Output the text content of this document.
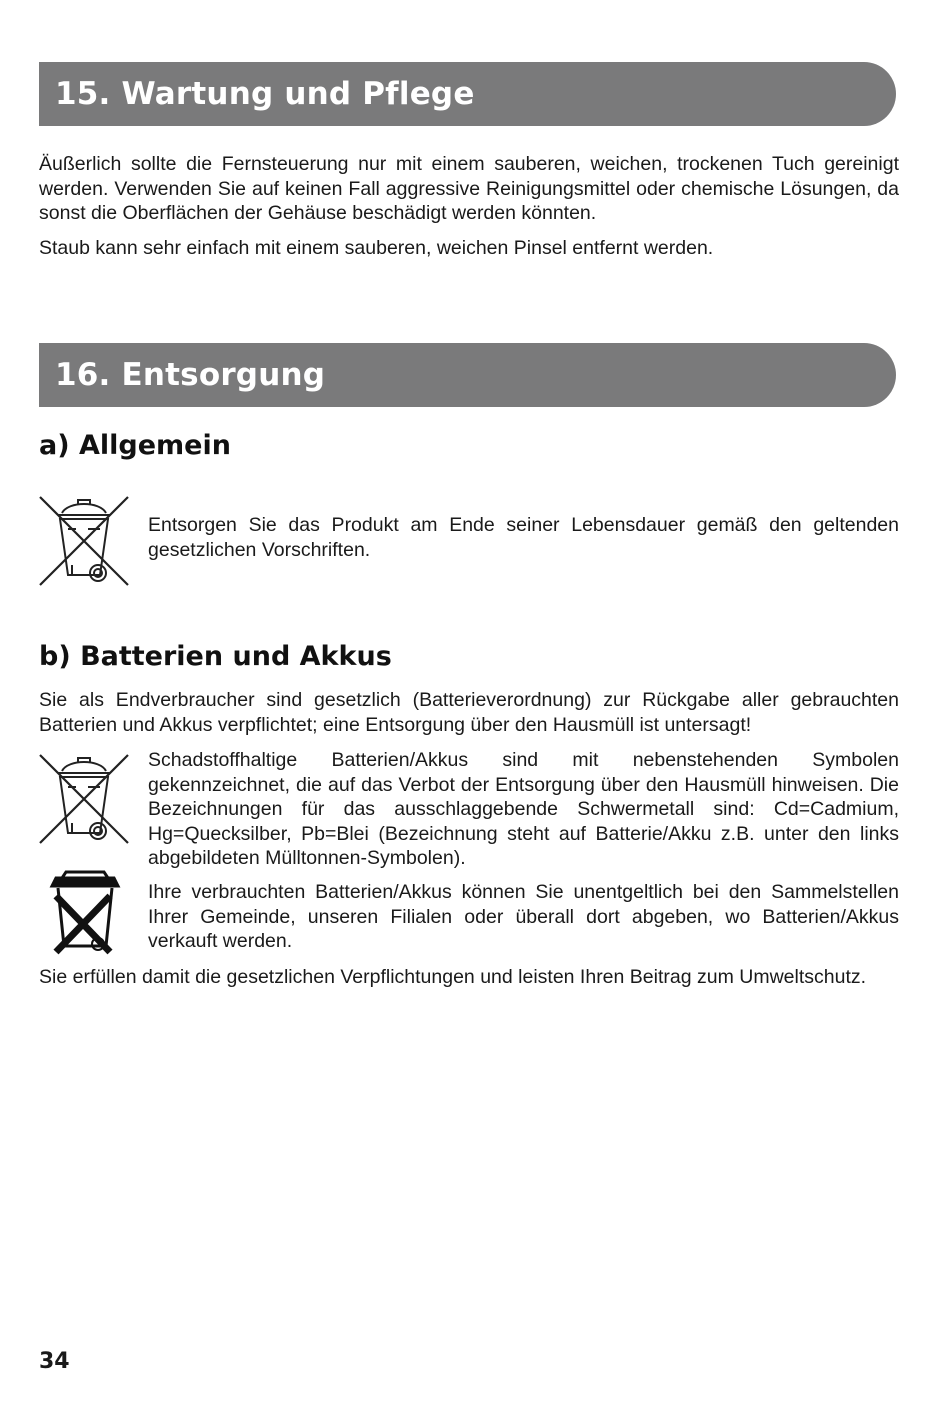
15. Wartung und Pflege

Äußerlich sollte die Fernsteuerung nur mit einem sauberen, weichen, trockenen Tuch gereinigt werden. Verwenden Sie auf keinen Fall aggressive Reinigungsmittel oder chemische Lösungen, da sonst die Oberflächen der Gehäuse beschädigt werden könnten.

Staub kann sehr einfach mit einem sauberen, weichen Pinsel entfernt werden.

16. Entsorgung
a) Allgemein

Entsorgen Sie das Produkt am Ende seiner Lebensdauer gemäß den geltenden gesetzlichen Vorschriften.

b) Batterien und Akkus

Sie als Endverbraucher sind gesetzlich (Batterieverordnung) zur Rückgabe aller gebrauchten Batterien und Akkus verpflichtet; eine Entsorgung über den Hausmüll ist untersagt!

Schadstoffhaltige Batterien/Akkus sind mit nebenstehenden Symbolen gekennzeichnet, die auf das Verbot der Entsorgung über den Hausmüll hinweisen. Die Bezeichnungen für das ausschlaggebende Schwermetall sind: Cd=Cadmium, Hg=Quecksilber, Pb=Blei (Bezeichnung steht auf Batterie/Akku z.B. unter den links abgebildeten Mülltonnen-Symbolen).

Ihre verbrauchten Batterien/Akkus können Sie unentgeltlich bei den Sammelstellen Ihrer Gemeinde, unseren Filialen oder überall dort abgeben, wo Batterien/Akkus verkauft werden.

Sie erfüllen damit die gesetzlichen Verpflichtungen und leisten Ihren Beitrag zum Umweltschutz.

34
